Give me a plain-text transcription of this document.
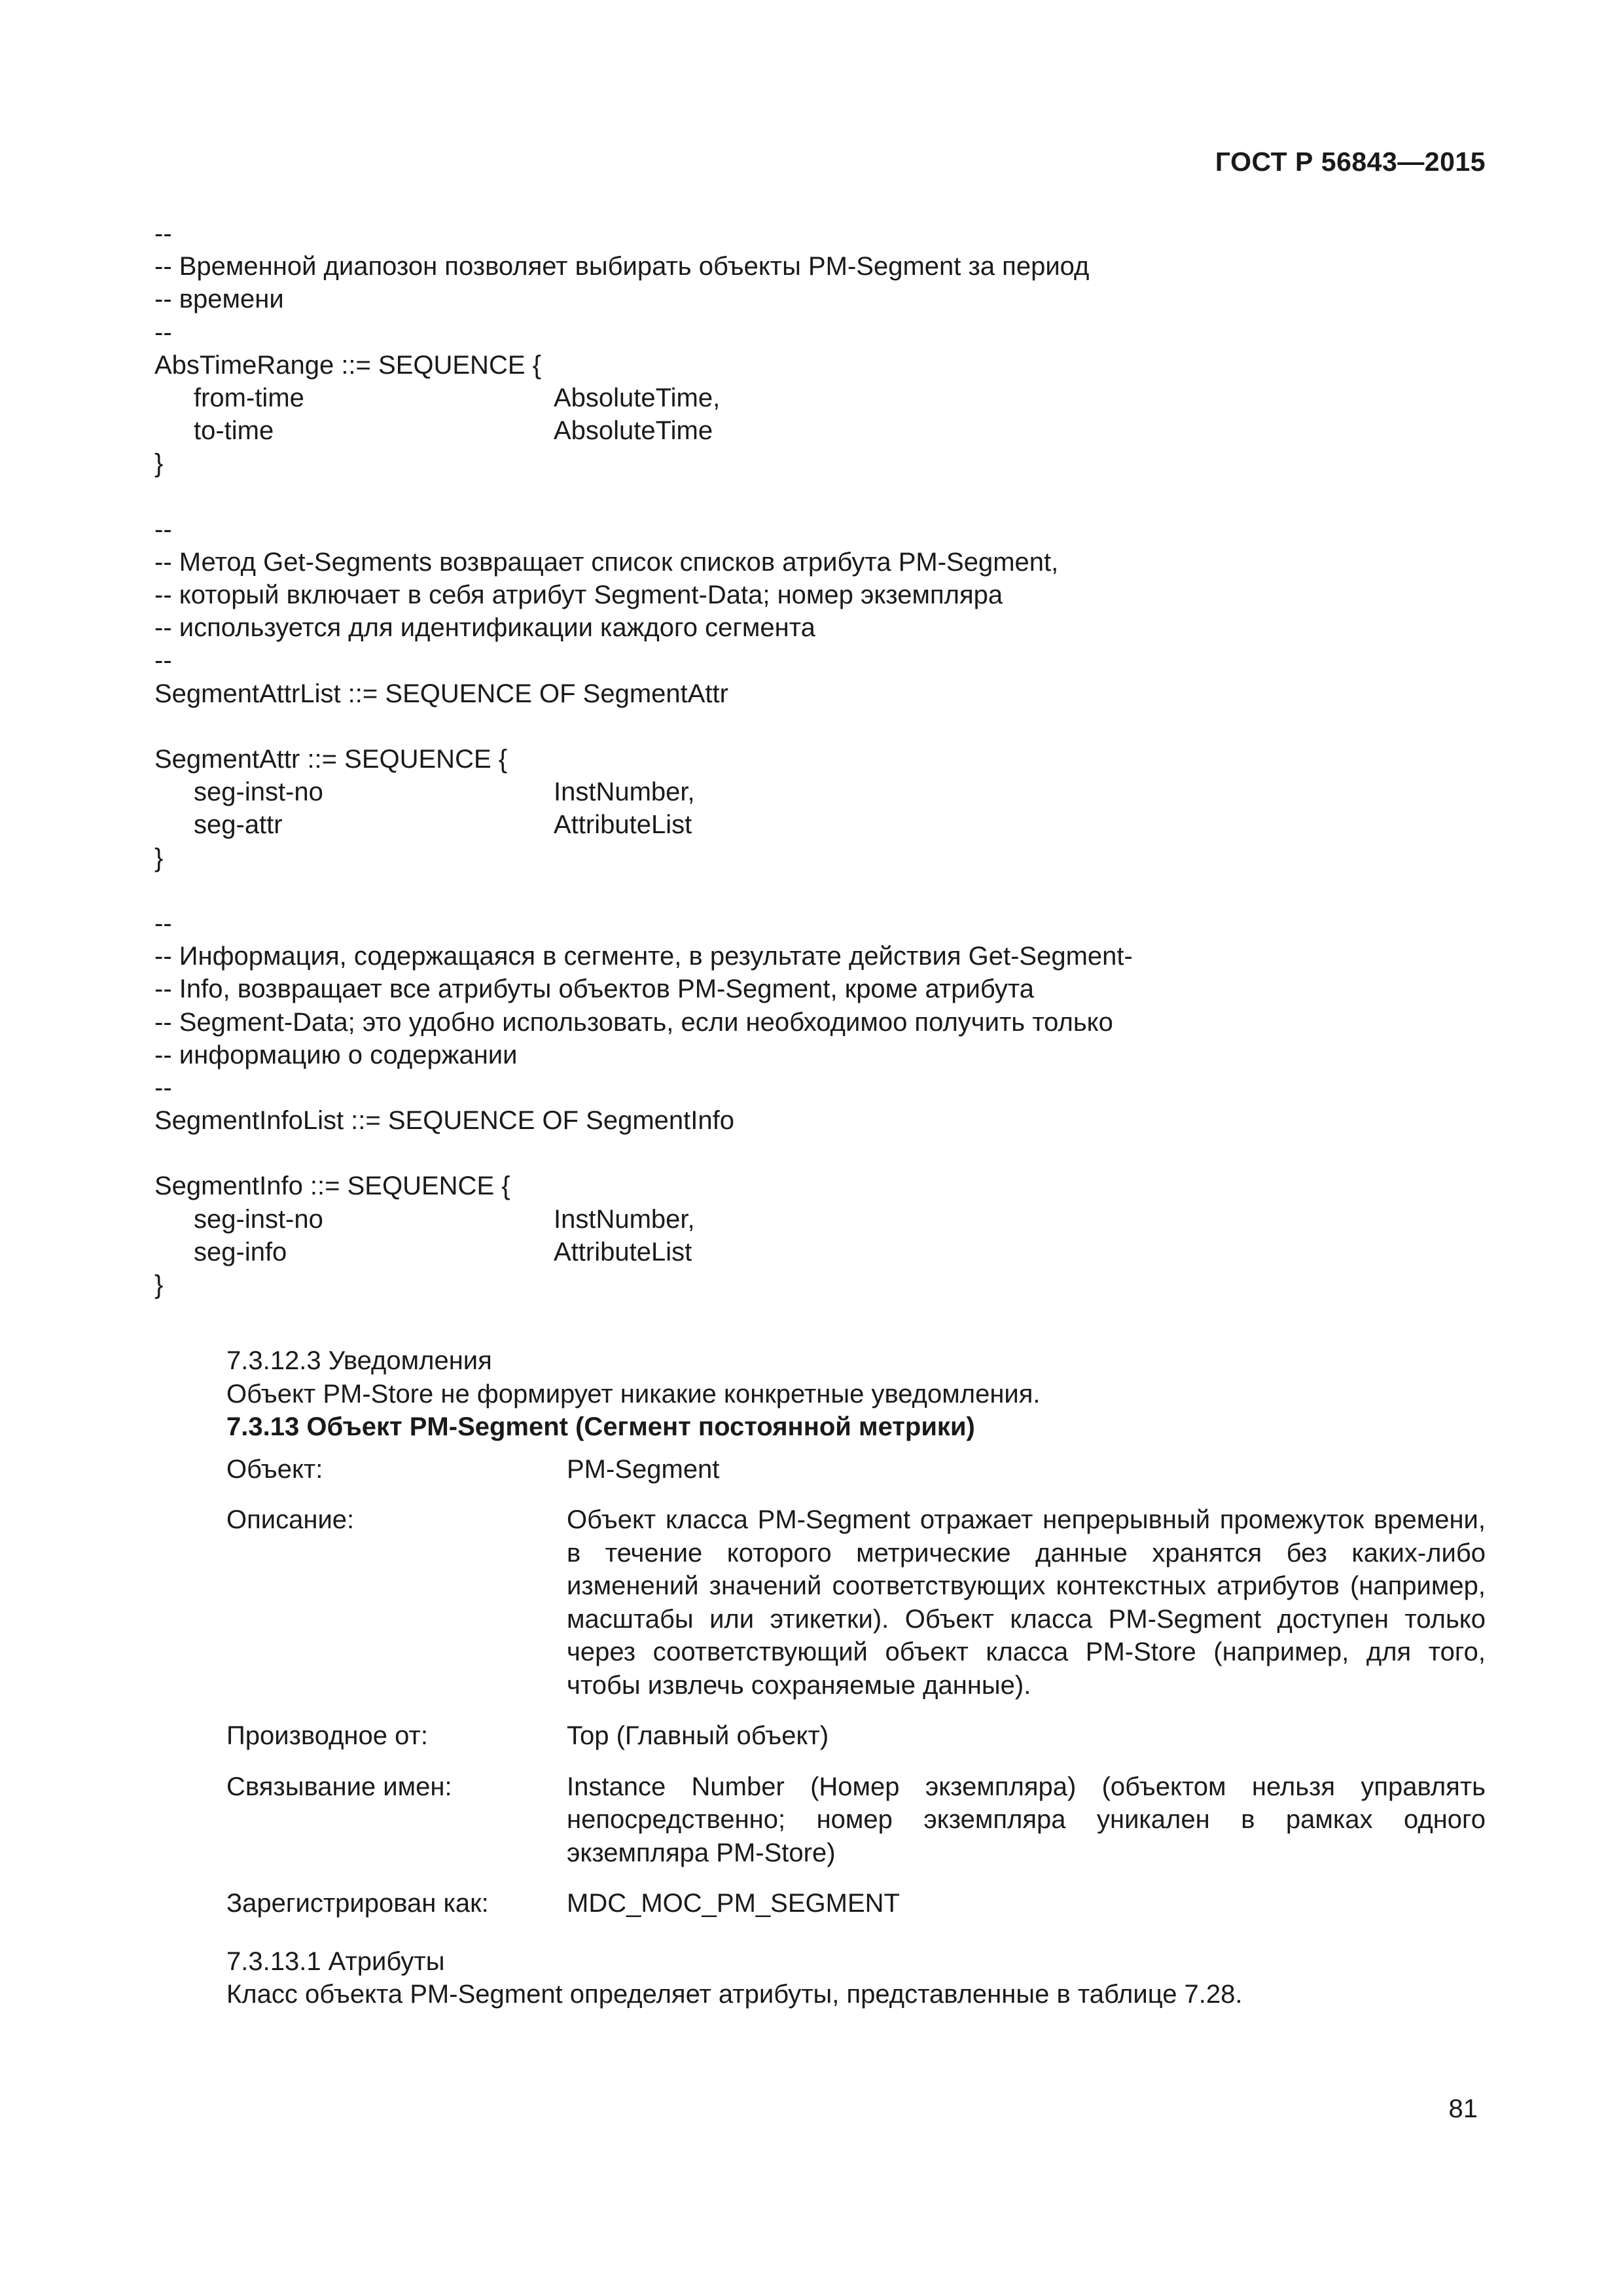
ГОСТ Р 56843—2015
--
-- Временной диапозон позволяет выбирать объекты PM-Segment за период
-- времени
--
AbsTimeRange ::= SEQUENCE {
from-time	AbsoluteTime,
to-time	AbsoluteTime
}
--
-- Метод Get-Segments возвращает список списков атрибута PM-Segment,
-- который включает в себя атрибут Segment-Data; номер экземпляра
-- используется для идентификации каждого сегмента
--
SegmentAttrList ::= SEQUENCE OF SegmentAttr
SegmentAttr ::= SEQUENCE {
seg-inst-no	InstNumber,
seg-attr	AttributeList
}
--
-- Информация, содержащаяся в сегменте, в результате действия Get-Segment-
-- Info, возвращает все атрибуты объектов PM-Segment, кроме атрибута
-- Segment-Data; это удобно использовать, если необходимоо получить только
-- информацию о содержании
--
SegmentInfoList ::= SEQUENCE OF SegmentInfo
SegmentInfo ::= SEQUENCE {
seg-inst-no	InstNumber,
seg-info	AttributeList
}

7.3.12.3 Уведомления

Объект PM-Store не формирует никакие конкретные уведомления.

7.3.13 Объект PM-Segment (Сегмент постоянной метрики)

Объект:	PM-Segment
Описание:	Объект класса PM-Segment отражает непрерывный промежуток времени, в течение которого метрические данные хранятся без каких-либо изменений значений соответствующих контекстных атрибутов (например, масштабы или этикетки). Объект класса PM-Segment доступен только через соответствующий объект класса PM-Store (например, для того, чтобы извлечь сохраняемые данные).
Производное от:	Top (Главный объект)
Связывание имен:	Instance Number (Номер экземпляра) (объектом нельзя управлять непосредственно; номер экземпляра уникален в рамках одного экземпляра PM-Store)
Зарегистрирован как:	MDC_MOC_PM_SEGMENT

7.3.13.1 Атрибуты

Класс объекта PM-Segment определяет атрибуты, представленные в таблице 7.28.

81
